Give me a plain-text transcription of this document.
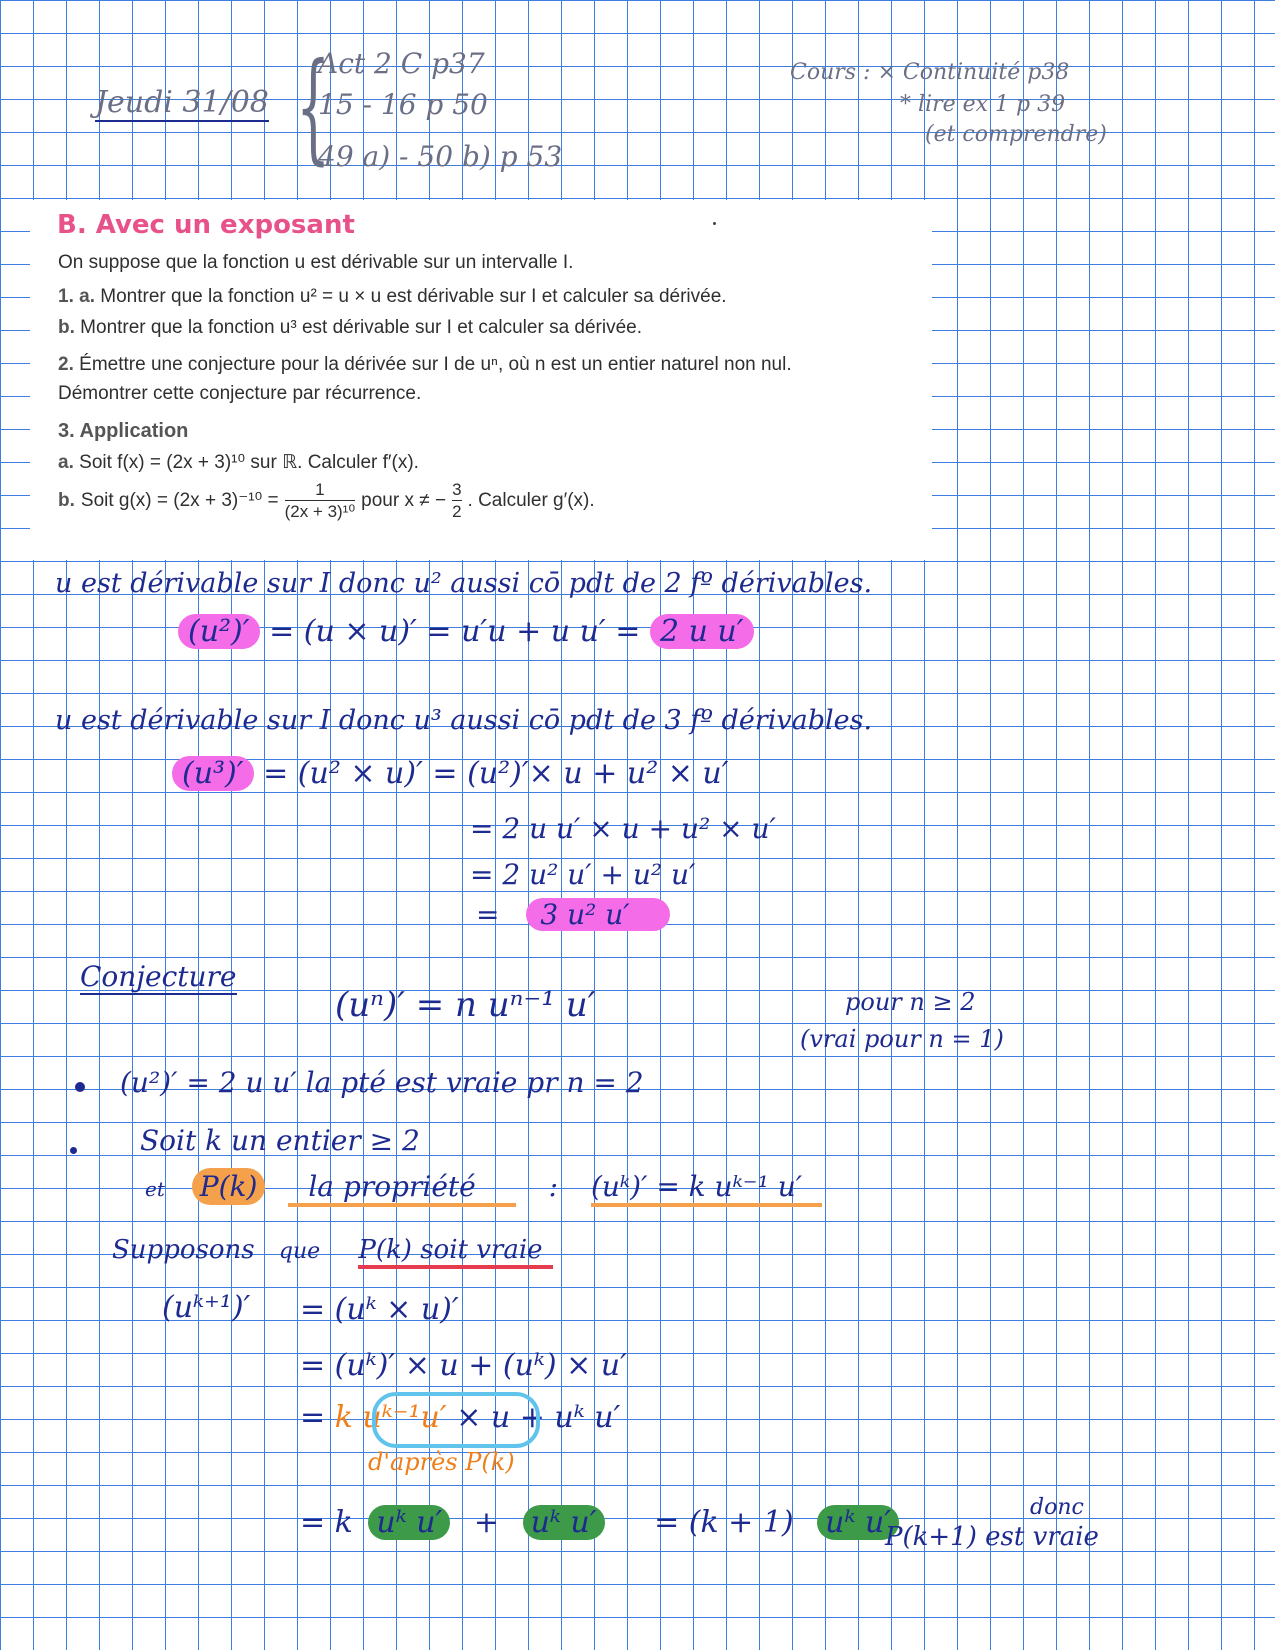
Jeudi 31/08 {
Act 2 C p37
15 - 16 p 50
49 a) - 50 b) p 53
Cours : × Continuité p38
* lire ex 1 p 39
(et comprendre)
B. Avec un exposant
On suppose que la fonction u est dérivable sur un intervalle I.
1. a. Montrer que la fonction u² = u × u est dérivable sur I et calculer sa dérivée.
b. Montrer que la fonction u³ est dérivable sur I et calculer sa dérivée.
2. Émettre une conjecture pour la dérivée sur I de uⁿ, où n est un entier naturel non nul.
Démontrer cette conjecture par récurrence.
3. Application
a. Soit f(x) = (2x + 3)¹⁰ sur ℝ. Calculer f′(x).
b. Soit $g(x) = (2x + 3)^{-10} = \frac{1}{\text{(2x + 3)¹⁰}}$ pour x ≠ − $\frac{3}{2}$ . Calculer g′(x).
u est dérivable sur I donc u² aussi cō pdt de 2 fº dérivables.
(u²)′ = (u × u)′ = u′u + u u′ = 2 u u′
u est dérivable sur I donc u³ aussi cō pdt de 3 fº dérivables.
(u³)′ = (u² × u)′ = (u²)′× u + u² × u′
= 2 u u′ × u + u² × u′
= 2 u² u′ + u² u′
= 3 u² u′
Conjecture
(uⁿ)′ = n uⁿ⁻¹ u′	pour n ≥ 2
(vrai pour n = 1)
(u²)′ = 2 u u′ la pté est vraie pr n = 2
Soit k un entier ≥ 2
et P(k) la propriété	: (uᵏ)′ = k uᵏ⁻¹ u′
Supposons que P(k) soit vraie
(uᵏ⁺¹)′ = (uᵏ × u)′
= (uᵏ)′ × u + (uᵏ) × u′
= k uᵏ⁻¹u′ × u + uᵏ u′
d'après P(k)
= k uᵏ u′ + uᵏ u′ = (k + 1) uᵏ u′	donc
P(k+1) est vraie
